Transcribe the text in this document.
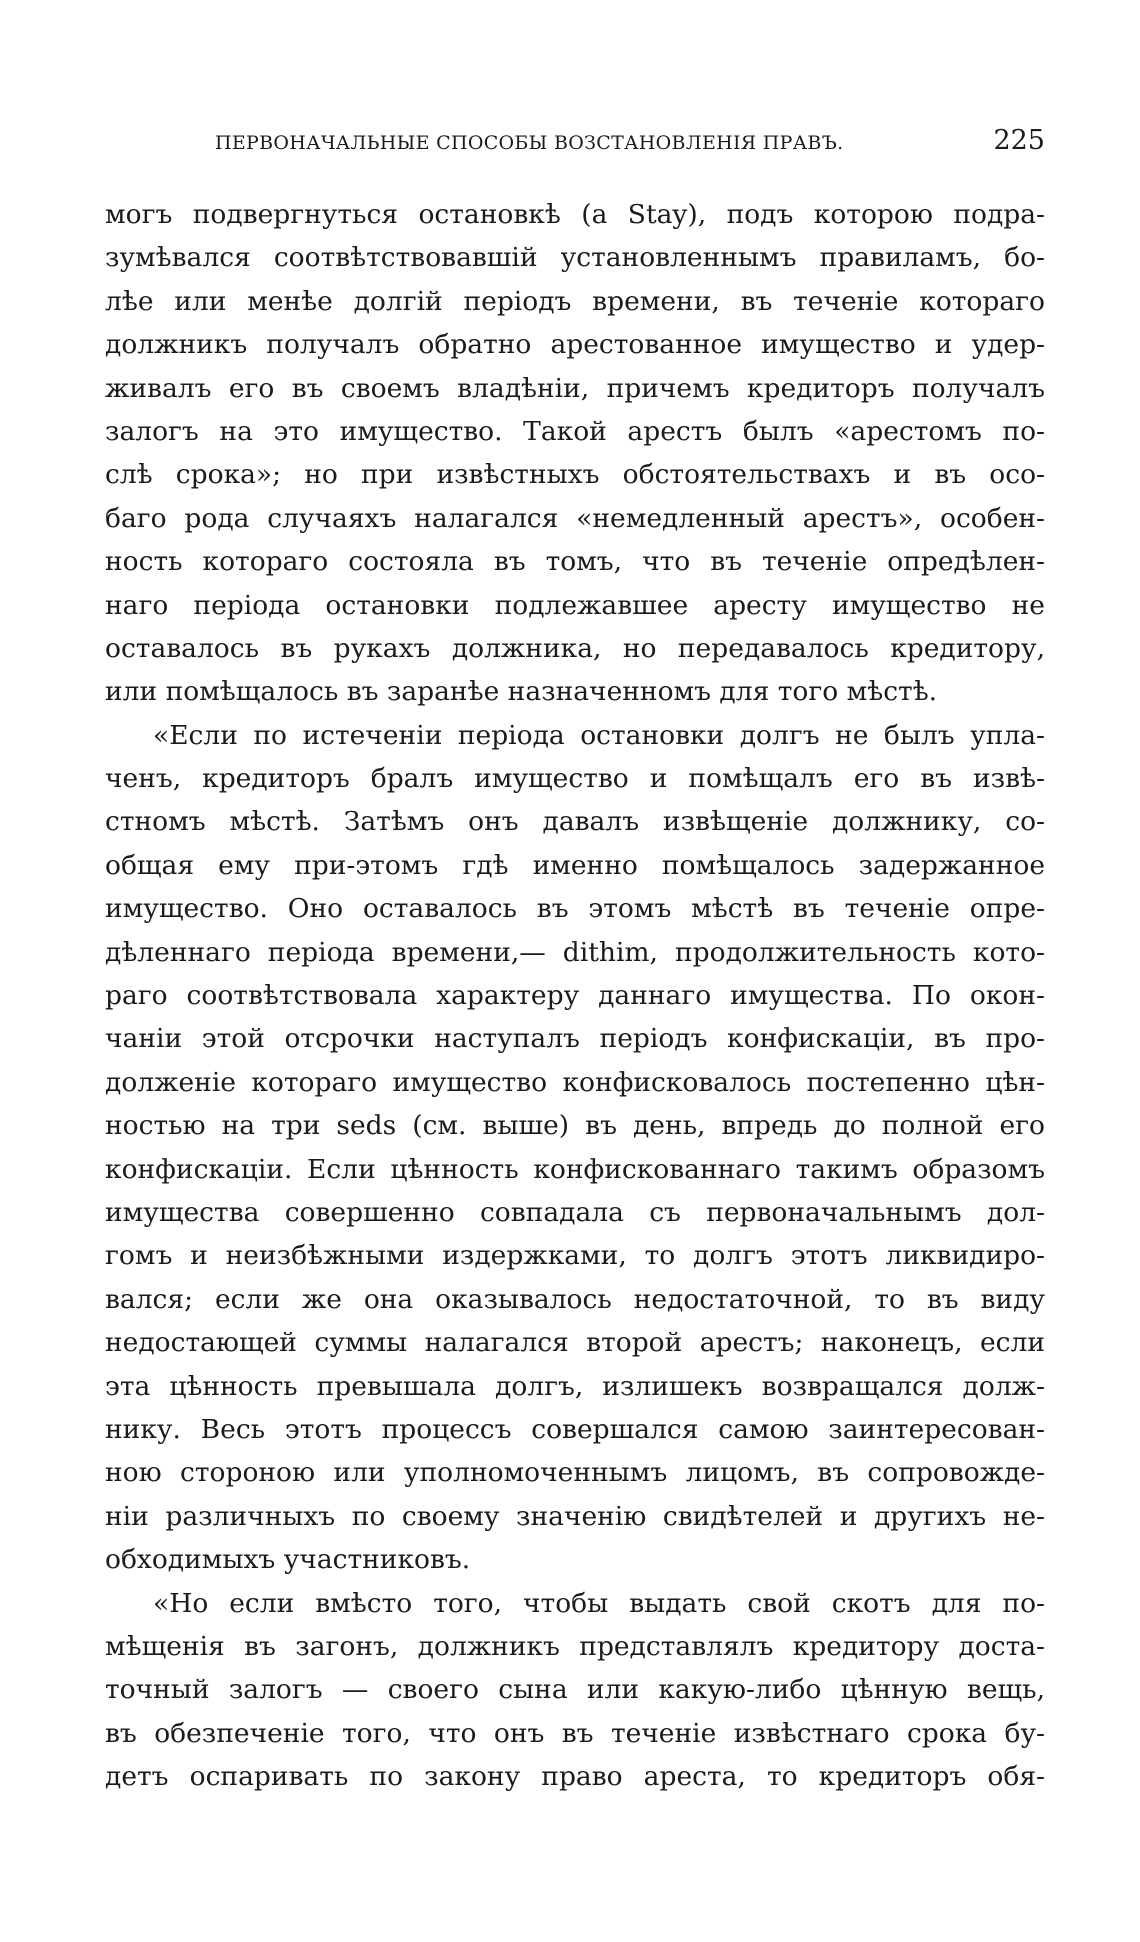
ПЕРВОНАЧАЛЬНЫЕ СПОСОБЫ ВОЗСТАНОВЛЕНІЯ ПРАВЪ.	225
могъ подвергнуться остановкѣ (a Stay), подъ которою подра-
зумѣвался соотвѣтствовавшій установленнымъ правиламъ, бо-
лѣе или менѣе долгій періодъ времени, въ теченіе котораго
должникъ получалъ обратно арестованное имущество и удер-
живалъ его въ своемъ владѣніи, причемъ кредиторъ получалъ
залогъ на это имущество. Такой арестъ былъ «арестомъ по-
слѣ срока»; но при извѣстныхъ обстоятельствахъ и въ осо-
баго рода случаяхъ налагался «немедленный арестъ», особен-
ность котораго состояла въ томъ, что въ теченіе опредѣлен-
наго періода остановки подлежавшее аресту имущество не
оставалось въ рукахъ должника, но передавалось кредитору,
или помѣщалось въ заранѣе назначенномъ для того мѣстѣ.
«Если по истеченіи періода остановки долгъ не былъ упла-
ченъ, кредиторъ бралъ имущество и помѣщалъ его въ извѣ-
стномъ мѣстѣ. Затѣмъ онъ давалъ извѣщеніе должнику, со-
общая ему при-этомъ гдѣ именно помѣщалось задержанное
имущество. Оно оставалось въ этомъ мѣстѣ въ теченіе опре-
дѣленнаго періода времени,— dithim, продолжительность кото-
раго соотвѣтствовала характеру даннаго имущества. По окон-
чаніи этой отсрочки наступалъ періодъ конфискаціи, въ про-
долженіе котораго имущество конфисковалось постепенно цѣн-
ностью на три seds (см. выше) въ день, впредь до полной его
конфискаціи. Если цѣнность конфискованнаго такимъ образомъ
имущества совершенно совпадала съ первоначальнымъ дол-
гомъ и неизбѣжными издержками, то долгъ этотъ ликвидиро-
вался; если же она оказывалось недостаточной, то въ виду
недостающей суммы налагался второй арестъ; наконецъ, если
эта цѣнность превышала долгъ, излишекъ возвращался долж-
нику. Весь этотъ процессъ совершался самою заинтересован-
ною стороною или уполномоченнымъ лицомъ, въ сопровожде-
ніи различныхъ по своему значенію свидѣтелей и другихъ не-
обходимыхъ участниковъ.
«Но если вмѣсто того, чтобы выдать свой скотъ для по-
мѣщенія въ загонъ, должникъ представлялъ кредитору доста-
точный залогъ — своего сына или какую-либо цѣнную вещь,
въ обезпеченіе того, что онъ въ теченіе извѣстнаго срока бу-
детъ оспаривать по закону право ареста, то кредиторъ обя-
